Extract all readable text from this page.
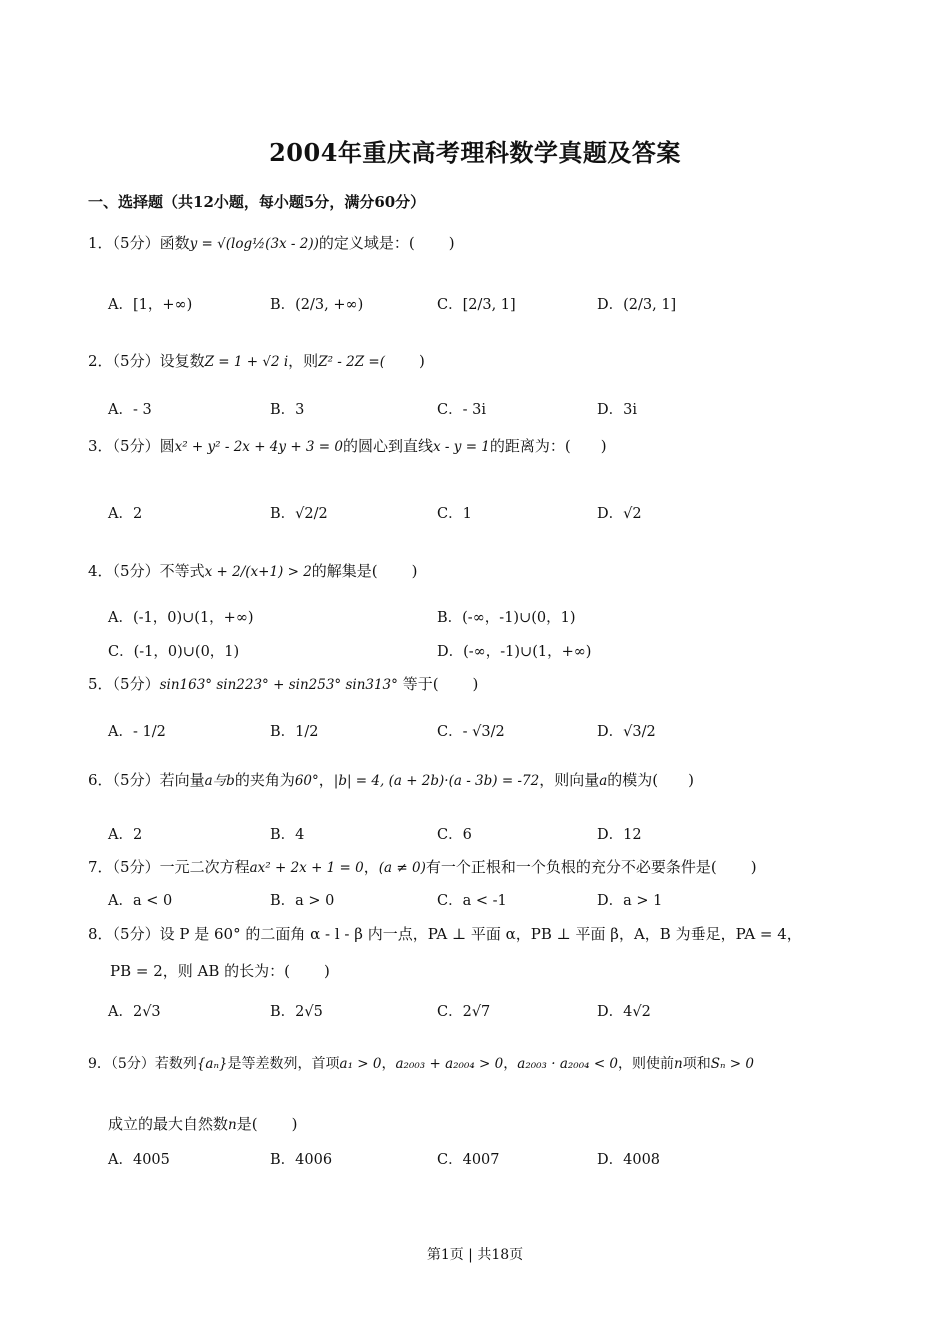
2004年重庆高考理科数学真题及答案
一、选择题（共12小题，每小题5分，满分60分）
1．（5分）函数y = √(log½(3x - 2))的定义域是：( )
A．[1，+∞)	B．(2/3, +∞)	C．[2/3, 1]	D．(2/3, 1]
2．（5分）设复数Z = 1 + √2 i，则Z² - 2Z =( )
A．- 3	B．3	C．- 3i	D．3i
3．（5分）圆x² + y² - 2x + 4y + 3 = 0的圆心到直线x - y = 1的距离为：(　　)
A．2	B．√2/2	C．1	D．√2
4．（5分）不等式x + 2/(x+1) > 2的解集是( )
A．(-1，0)∪(1，+∞)	B．(-∞，-1)∪(0，1)
C．(-1，0)∪(0，1)	D．(-∞，-1)∪(1，+∞)
5．（5分）sin163° sin223° + sin253° sin313° 等于( )
A．- 1/2	B．1/2	C．- √3/2	D．√3/2
6．（5分）若向量a与b的夹角为60°，|b| = 4, (a + 2b)·(a - 3b) = -72，则向量a的模为(　　)
A．2	B．4	C．6	D．12
7．（5分）一元二次方程ax² + 2x + 1 = 0，(a ≠ 0)有一个正根和一个负根的充分不必要条件是( )
A．a < 0	B．a > 0	C．a < -1	D．a > 1
8．（5分）设 P 是 60° 的二面角 α - l - β 内一点，PA ⊥ 平面 α，PB ⊥ 平面 β，A，B 为垂足，PA = 4，
PB = 2，则 AB 的长为：( )
A．2√3	B．2√5	C．2√7	D．4√2
9．（5分）若数列{aₙ}是等差数列，首项a₁ > 0，a₂₀₀₃ + a₂₀₀₄ > 0，a₂₀₀₃ · a₂₀₀₄ < 0，则使前n项和Sₙ > 0
成立的最大自然数n是( )
A．4005	B．4006	C．4007	D．4008
第1页 | 共18页
